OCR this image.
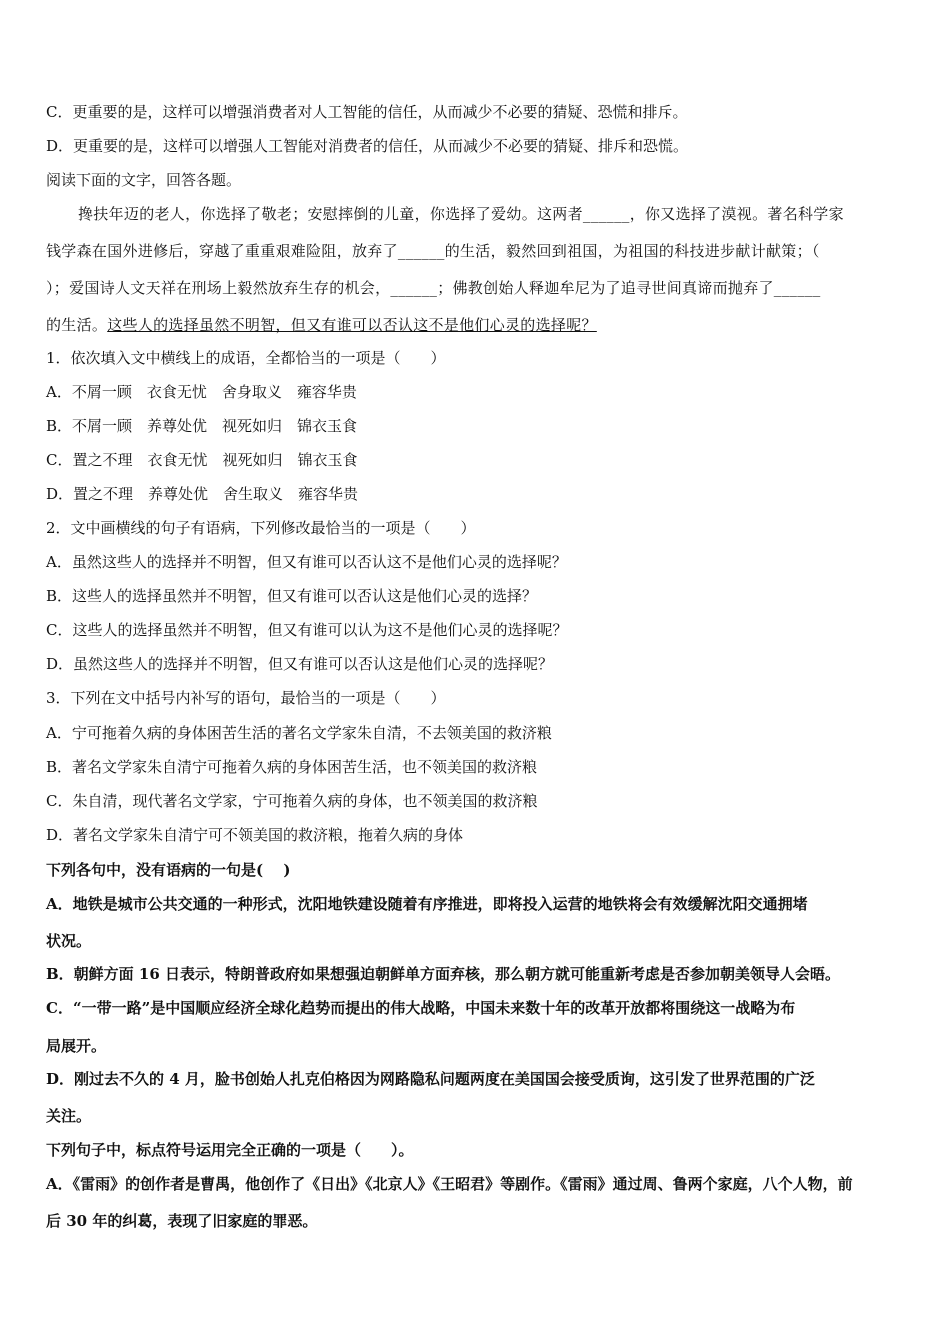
C．更重要的是，这样可以增强消费者对人工智能的信任，从而减少不必要的猜疑、恐慌和排斥。
D．更重要的是，这样可以增强人工智能对消费者的信任，从而减少不必要的猜疑、排斥和恐慌。
阅读下面的文字，回答各题。
搀扶年迈的老人，你选择了敬老；安慰摔倒的儿童，你选择了爱幼。这两者______，你又选择了漠视。著名科学家
钱学森在国外进修后，穿越了重重艰难险阻，放弃了______的生活，毅然回到祖国，为祖国的科技进步献计献策；（
）；爱国诗人文天祥在刑场上毅然放弃生存的机会，______；佛教创始人释迦牟尼为了追寻世间真谛而抛弃了______
的生活。这些人的选择虽然不明智，但又有谁可以否认这不是他们心灵的选择呢？
1．依次填入文中横线上的成语，全都恰当的一项是（　　）
A．不屑一顾　衣食无忧　舍身取义　雍容华贵
B．不屑一顾　养尊处优　视死如归　锦衣玉食
C．置之不理　衣食无忧　视死如归　锦衣玉食
D．置之不理　养尊处优　舍生取义　雍容华贵
2．文中画横线的句子有语病，下列修改最恰当的一项是（　　）
A．虽然这些人的选择并不明智，但又有谁可以否认这不是他们心灵的选择呢？
B．这些人的选择虽然并不明智，但又有谁可以否认这是他们心灵的选择？
C．这些人的选择虽然并不明智，但又有谁可以认为这不是他们心灵的选择呢？
D．虽然这些人的选择并不明智，但又有谁可以否认这是他们心灵的选择呢？
3．下列在文中括号内补写的语句，最恰当的一项是（　　）
A．宁可拖着久病的身体困苦生活的著名文学家朱自清，不去领美国的救济粮
B．著名文学家朱自清宁可拖着久病的身体困苦生活，也不领美国的救济粮
C．朱自清，现代著名文学家，宁可拖着久病的身体，也不领美国的救济粮
D．著名文学家朱自清宁可不领美国的救济粮，拖着久病的身体
下列各句中，没有语病的一句是(　 )
A．地铁是城市公共交通的一种形式，沈阳地铁建设随着有序推进，即将投入运营的地铁将会有效缓解沈阳交通拥堵
状况。
B．朝鲜方面 16 日表示，特朗普政府如果想强迫朝鲜单方面弃核，那么朝方就可能重新考虑是否参加朝美领导人会晤。
C．“一带一路”是中国顺应经济全球化趋势而提出的伟大战略，中国未来数十年的改革开放都将围绕这一战略为布
局展开。
D．刚过去不久的 4 月，脸书创始人扎克伯格因为网路隐私问题两度在美国国会接受质询，这引发了世界范围的广泛
关注。
下列句子中，标点符号运用完全正确的一项是（　　）。
A．《雷雨》的创作者是曹禺，他创作了《日出》《北京人》《王昭君》等剧作。《雷雨》通过周、鲁两个家庭，八个人物，前
后 30 年的纠葛，表现了旧家庭的罪恶。
